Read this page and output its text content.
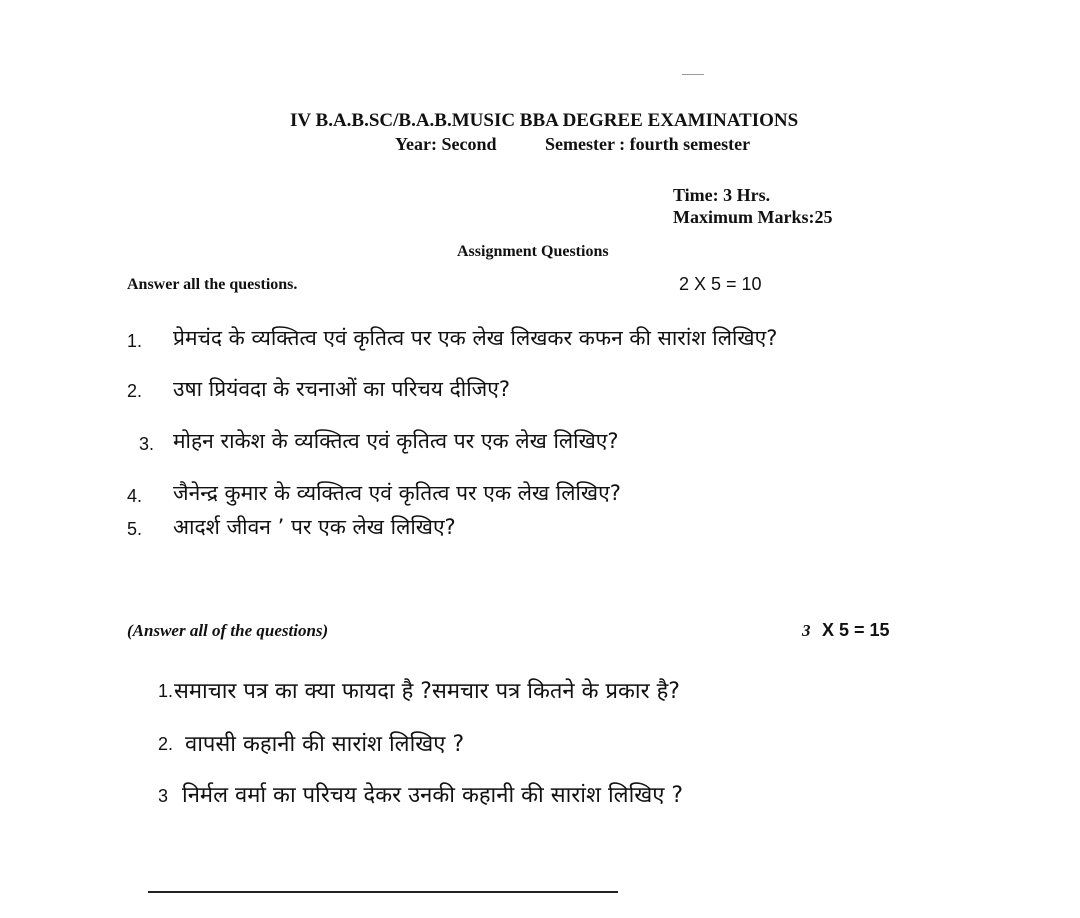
IV B.A.B.SC/B.A.B.MUSIC BBA DEGREE EXAMINATIONS
Year: Second	Semester : fourth semester
Time: 3 Hrs.
Maximum Marks:25
Assignment Questions
Answer all the questions.	2 X 5 = 10
1. प्रेमचंद के व्यक्तित्व एवं कृतित्व पर एक लेख लिखकर कफन की सारांश लिखिए?
2. उषा प्रियंवदा के रचनाओं का परिचय दीजिए?
3. मोहन राकेश के व्यक्तित्व एवं कृतित्व पर एक लेख लिखिए?
4. जैनेन्द्र कुमार के व्यक्तित्व एवं कृतित्व पर एक लेख लिखिए?
5. आदर्श जीवन ’ पर एक लेख लिखिए?
(Answer all of the questions)	3 X 5 = 15
1. समाचार पत्र का क्या फायदा है ?समचार पत्र कितने के प्रकार है?
2. वापसी कहानी की सारांश लिखिए ?
3 निर्मल वर्मा का परिचय देकर उनकी कहानी की सारांश लिखिए ?
